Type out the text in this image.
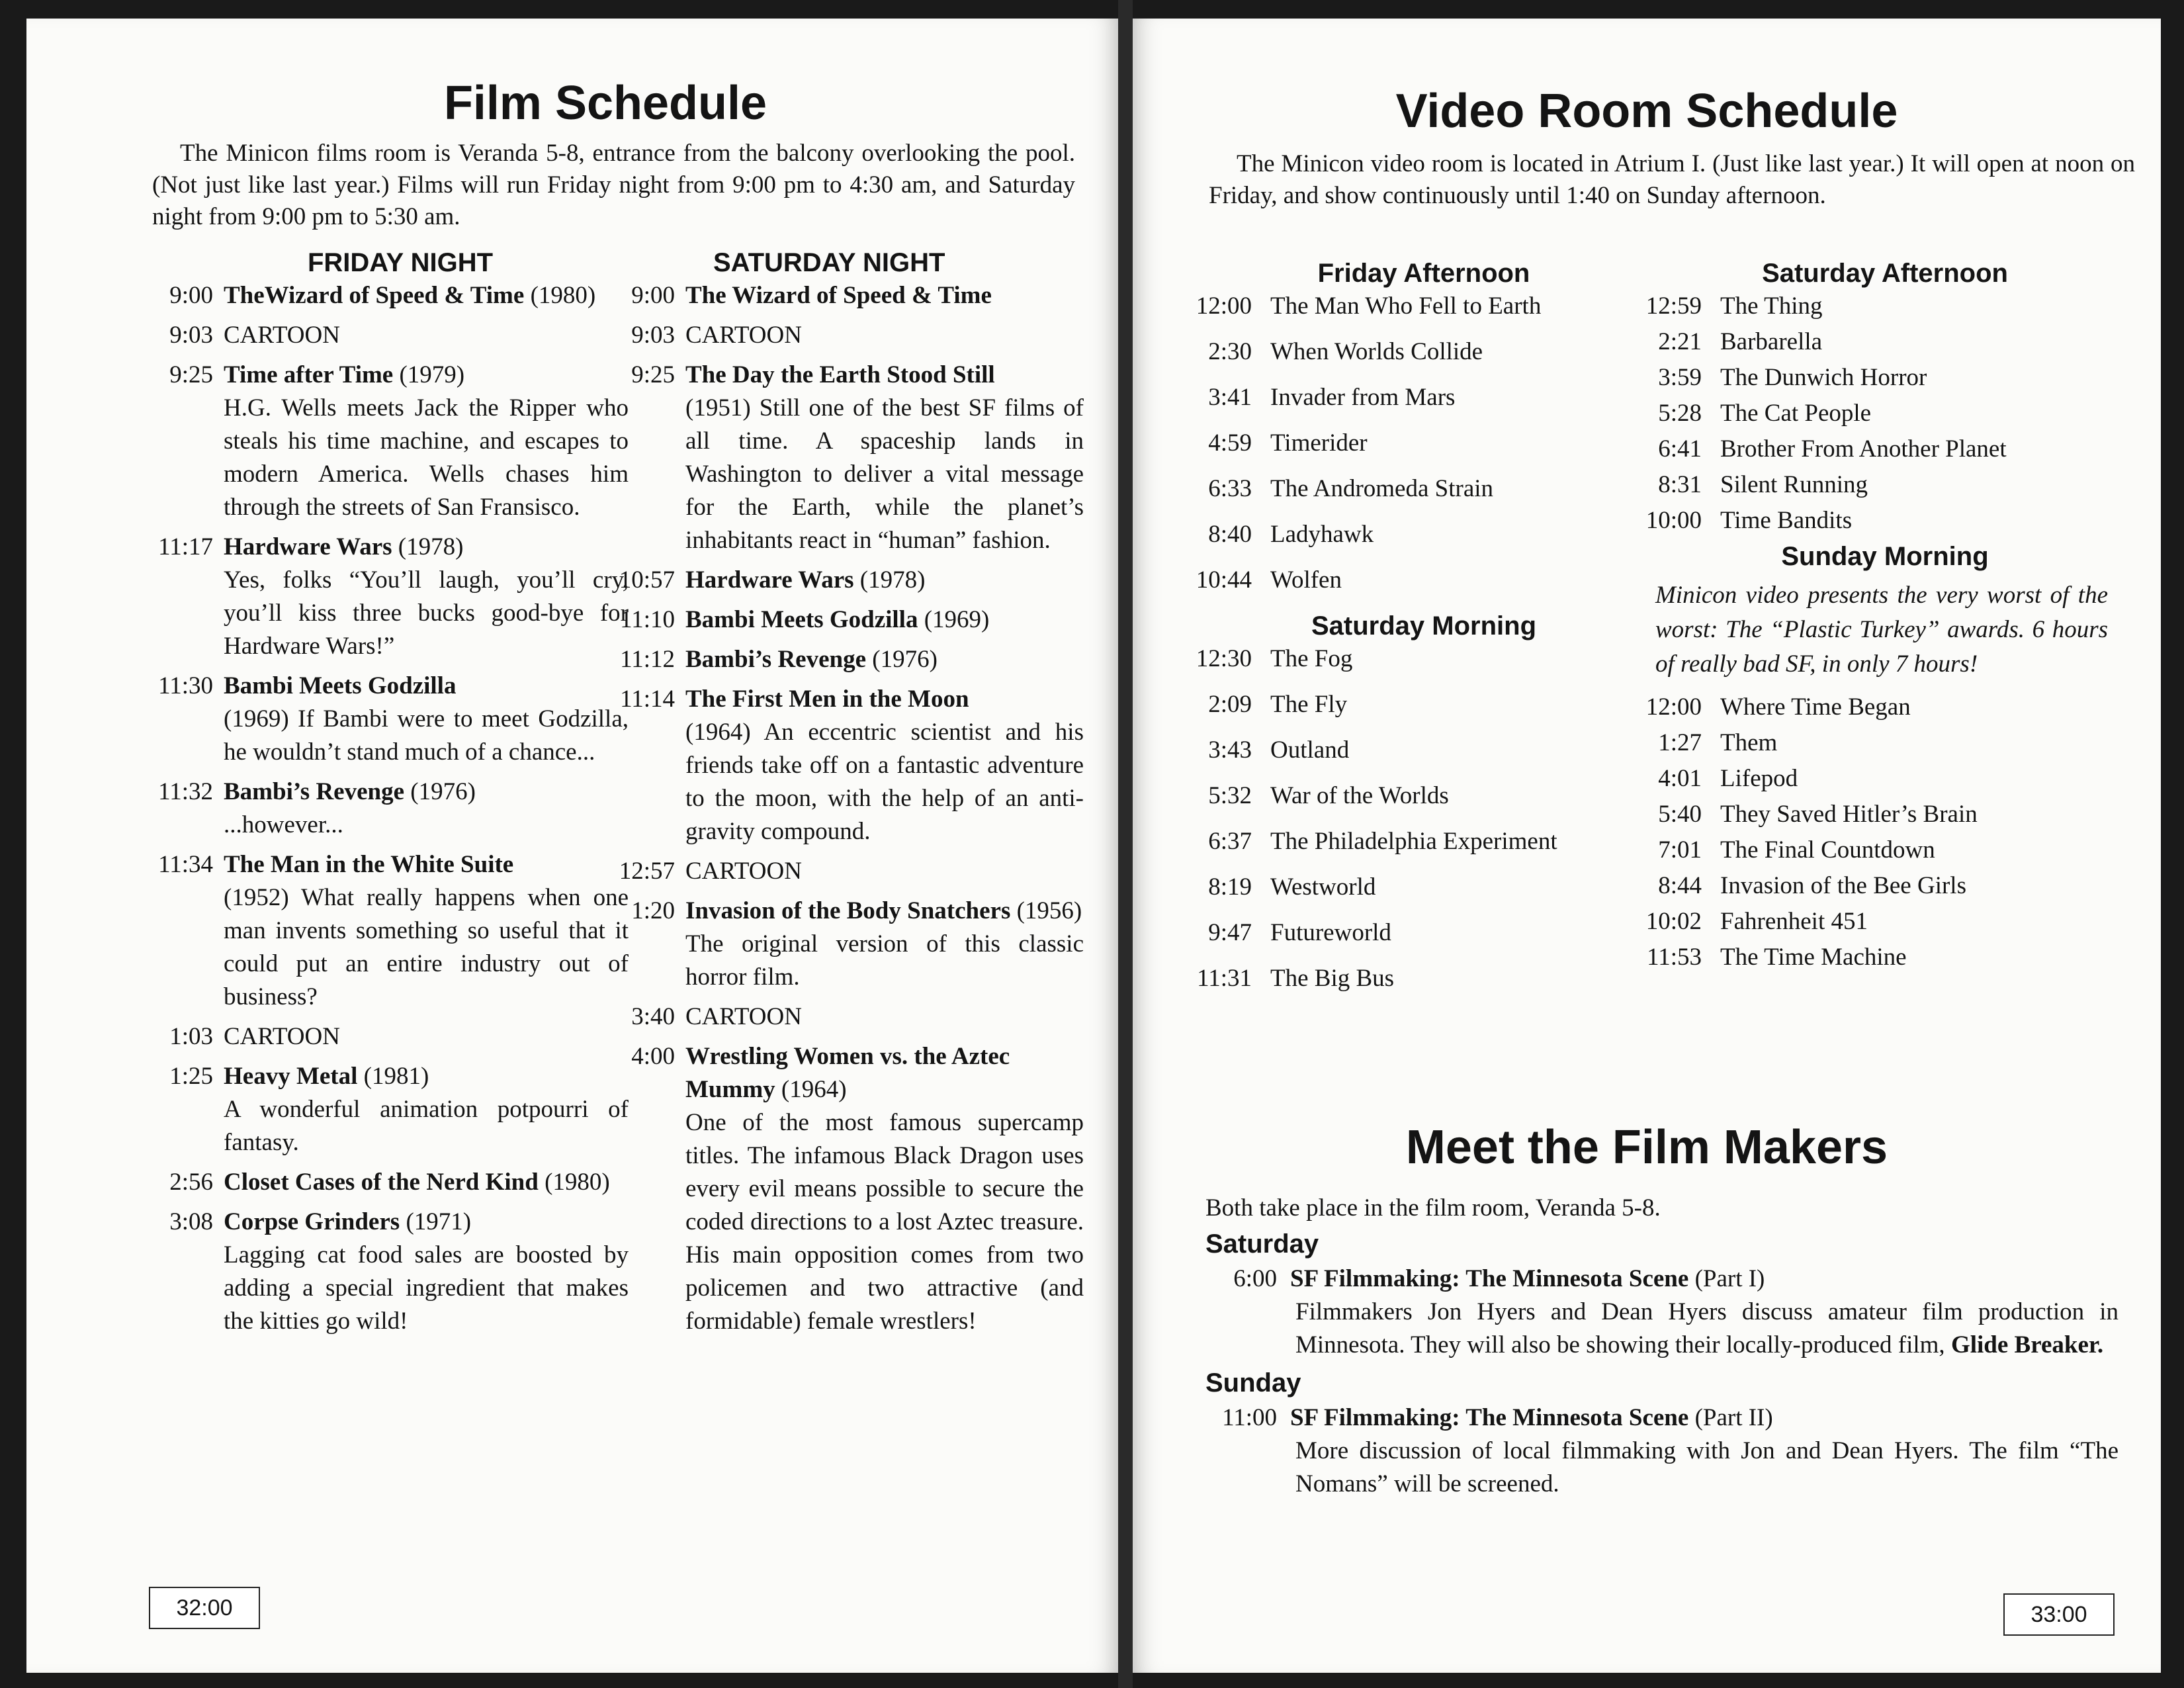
Film Schedule
The Minicon films room is Veranda 5-8, entrance from the balcony overlooking the pool. (Not just like last year.) Films will run Friday night from 9:00 pm to 4:30 am, and Saturday night from 9:00 pm to 5:30 am.
FRIDAY NIGHT
9:00 TheWizard of Speed & Time (1980)
9:03 CARTOON
9:25 Time after Time (1979)
H.G. Wells meets Jack the Ripper who steals his time machine, and escapes to modern America. Wells chases him through the streets of San Fransisco.
11:17 Hardware Wars (1978)
Yes, folks “You’ll laugh, you’ll cry, you’ll kiss three bucks good-bye for Hardware Wars!”
11:30 Bambi Meets Godzilla
(1969) If Bambi were to meet Godzilla, he wouldn’t stand much of a chance...
11:32 Bambi’s Revenge (1976)
...however...
11:34 The Man in the White Suite
(1952) What really happens when one man invents something so useful that it could put an entire industry out of business?
1:03 CARTOON
1:25 Heavy Metal (1981)
A wonderful animation potpourri of fantasy.
2:56 Closet Cases of the Nerd Kind (1980)
3:08 Corpse Grinders (1971)
Lagging cat food sales are boosted by adding a special ingredient that makes the kitties go wild!
SATURDAY NIGHT
9:00 The Wizard of Speed & Time
9:03 CARTOON
9:25 The Day the Earth Stood Still
(1951) Still one of the best SF films of all time. A spaceship lands in Washington to deliver a vital message for the Earth, while the planet’s inhabitants react in “human” fashion.
10:57 Hardware Wars (1978)
11:10 Bambi Meets Godzilla (1969)
11:12 Bambi’s Revenge (1976)
11:14 The First Men in the Moon
(1964) An eccentric scientist and his friends take off on a fantastic adventure to the moon, with the help of an anti-gravity compound.
12:57 CARTOON
1:20 Invasion of the Body Snatchers (1956)
The original version of this classic horror film.
3:40 CARTOON
4:00 Wrestling Women vs. the Aztec Mummy (1964)
One of the most famous supercamp titles. The infamous Black Dragon uses every evil means possible to secure the coded directions to a lost Aztec treasure. His main opposition comes from two policemen and two attractive (and formidable) female wrestlers!
32:00
Video Room Schedule
The Minicon video room is located in Atrium I. (Just like last year.) It will open at noon on Friday, and show continuously until 1:40 on Sunday afternoon.
Friday Afternoon
12:00 The Man Who Fell to Earth
2:30 When Worlds Collide
3:41 Invader from Mars
4:59 Timerider
6:33 The Andromeda Strain
8:40 Ladyhawk
10:44 Wolfen
Saturday Morning
12:30 The Fog
2:09 The Fly
3:43 Outland
5:32 War of the Worlds
6:37 The Philadelphia Experiment
8:19 Westworld
9:47 Futureworld
11:31 The Big Bus
Saturday Afternoon
12:59 The Thing
2:21 Barbarella
3:59 The Dunwich Horror
5:28 The Cat People
6:41 Brother From Another Planet
8:31 Silent Running
10:00 Time Bandits
Sunday Morning
Minicon video presents the very worst of the worst: The “Plastic Turkey” awards. 6 hours of really bad SF, in only 7 hours!
12:00 Where Time Began
1:27 Them
4:01 Lifepod
5:40 They Saved Hitler’s Brain
7:01 The Final Countdown
8:44 Invasion of the Bee Girls
10:02 Fahrenheit 451
11:53 The Time Machine
Meet the Film Makers
Both take place in the film room, Veranda 5-8.
Saturday
6:00 SF Filmmaking: The Minnesota Scene (Part I)
Filmmakers Jon Hyers and Dean Hyers discuss amateur film production in Minnesota. They will also be showing their locally-produced film, Glide Breaker.
Sunday
11:00 SF Filmmaking: The Minnesota Scene (Part II)
More discussion of local filmmaking with Jon and Dean Hyers. The film “The Nomans” will be screened.
33:00
